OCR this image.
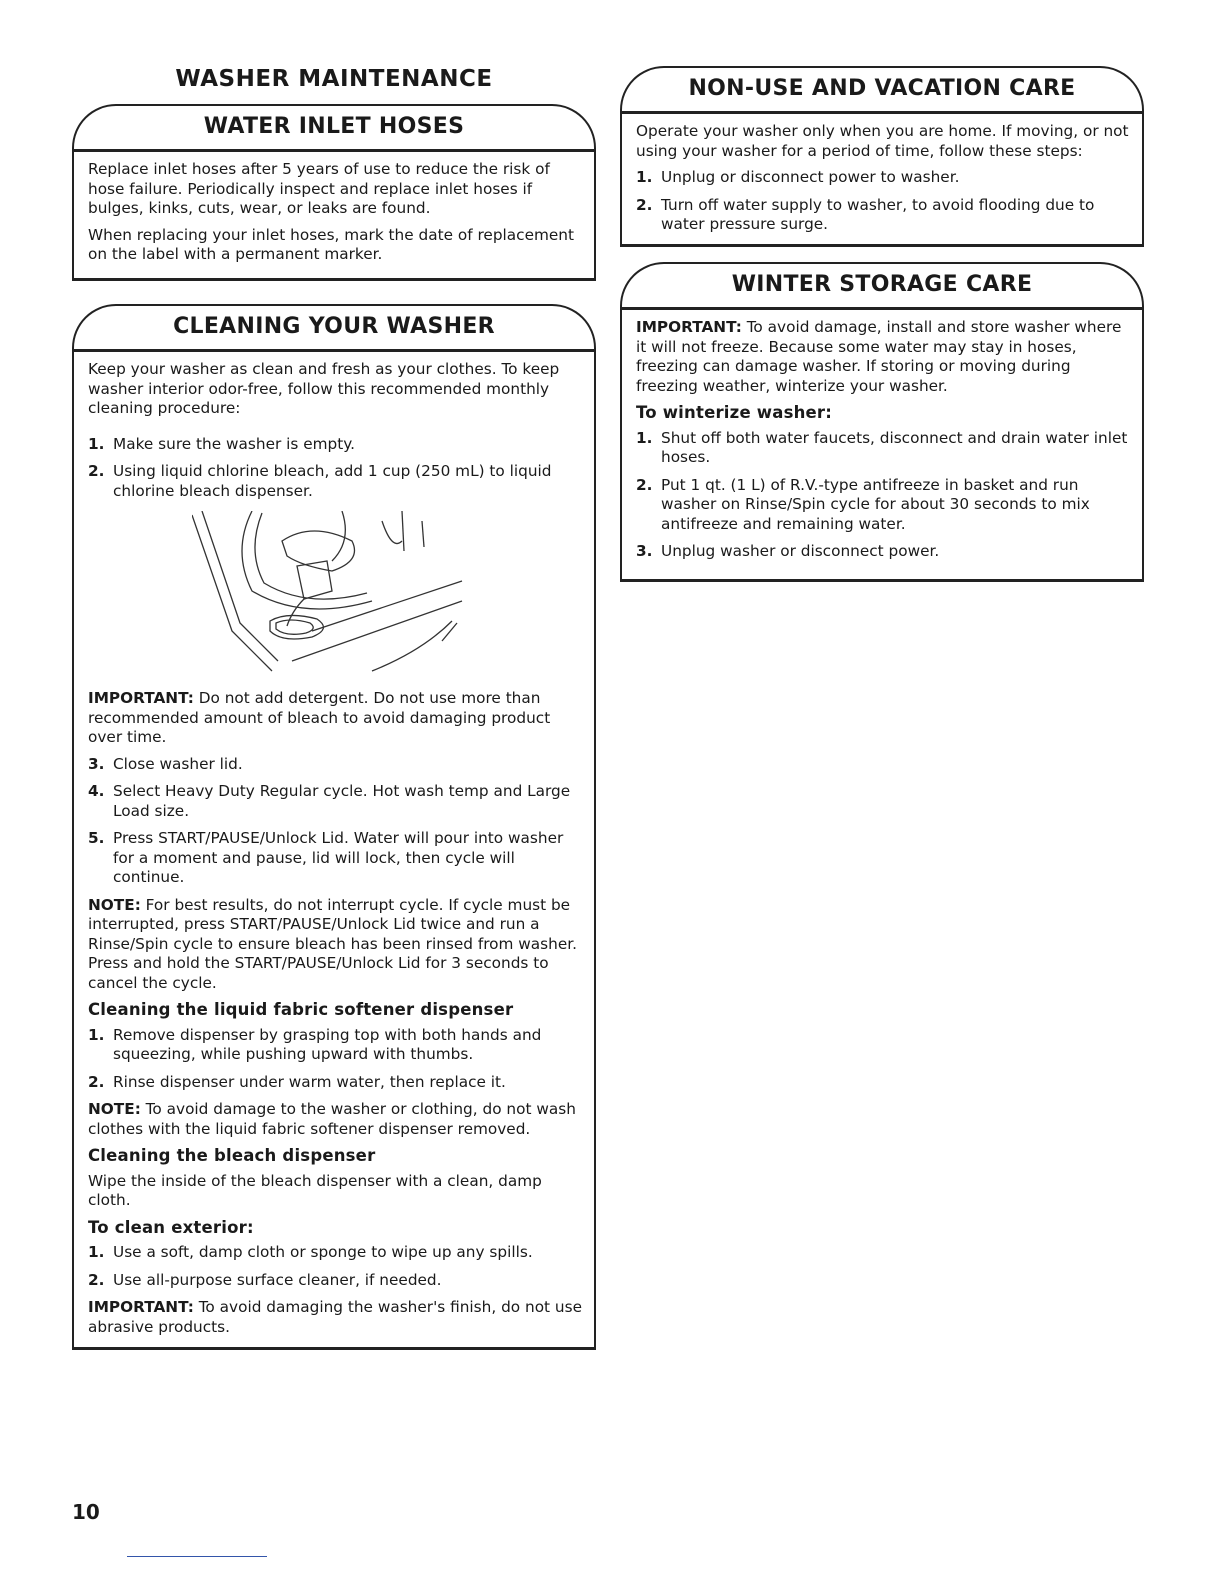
WASHER MAINTENANCE
WATER INLET HOSES

Replace inlet hoses after 5 years of use to reduce the risk of hose failure. Periodically inspect and replace inlet hoses if bulges, kinks, cuts, wear, or leaks are found.

When replacing your inlet hoses, mark the date of replacement on the label with a permanent marker.

CLEANING YOUR WASHER

Keep your washer as clean and fresh as your clothes. To keep washer interior odor-free, follow this recommended monthly cleaning procedure:

1. Make sure the washer is empty.
2. Using liquid chlorine bleach, add 1 cup (250 mL) to liquid chlorine bleach dispenser.

IMPORTANT: Do not add detergent. Do not use more than recommended amount of bleach to avoid damaging product over time.

3. Close washer lid.
4. Select Heavy Duty Regular cycle. Hot wash temp and Large Load size.
5. Press START/PAUSE/Unlock Lid. Water will pour into washer for a moment and pause, lid will lock, then cycle will continue.

NOTE: For best results, do not interrupt cycle. If cycle must be interrupted, press START/PAUSE/Unlock Lid twice and run a Rinse/Spin cycle to ensure bleach has been rinsed from washer. Press and hold the START/PAUSE/Unlock Lid for 3 seconds to cancel the cycle.

Cleaning the liquid fabric softener dispenser
1. Remove dispenser by grasping top with both hands and squeezing, while pushing upward with thumbs.
2. Rinse dispenser under warm water, then replace it.

NOTE: To avoid damage to the washer or clothing, do not wash clothes with the liquid fabric softener dispenser removed.

Cleaning the bleach dispenser

Wipe the inside of the bleach dispenser with a clean, damp cloth.

To clean exterior:
1. Use a soft, damp cloth or sponge to wipe up any spills.
2. Use all-purpose surface cleaner, if needed.

IMPORTANT: To avoid damaging the washer's finish, do not use abrasive products.

NON-USE AND VACATION CARE

Operate your washer only when you are home. If moving, or not using your washer for a period of time, follow these steps:

1. Unplug or disconnect power to washer.
2. Turn off water supply to washer, to avoid flooding due to water pressure surge.
WINTER STORAGE CARE

IMPORTANT: To avoid damage, install and store washer where it will not freeze. Because some water may stay in hoses, freezing can damage washer. If storing or moving during freezing weather, winterize your washer.

To winterize washer:
1. Shut off both water faucets, disconnect and drain water inlet hoses.
2. Put 1 qt. (1 L) of R.V.-type antifreeze in basket and run washer on Rinse/Spin cycle for about 30 seconds to mix antifreeze and remaining water.
3. Unplug washer or disconnect power.
10
